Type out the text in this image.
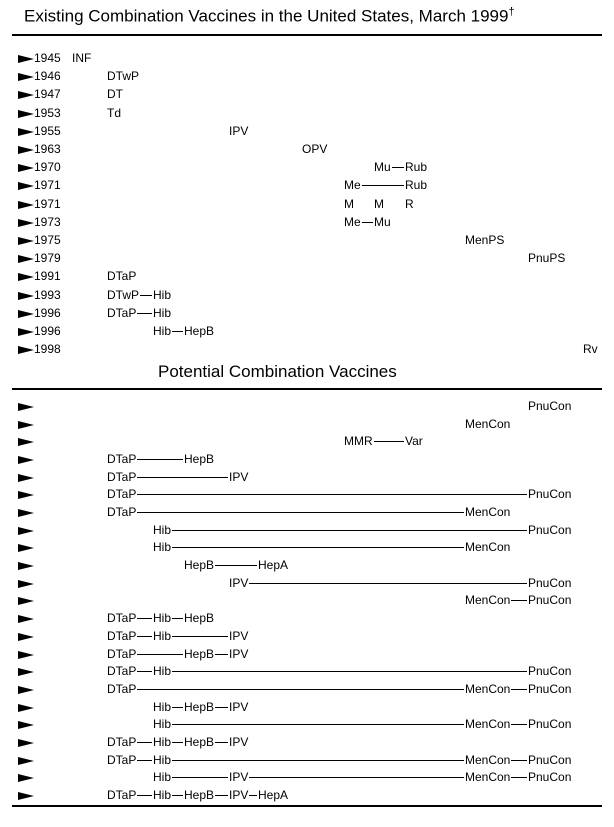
Existing Combination Vaccines in the United States, March 1999†
1945 INF
1946	DTwP
1947	DT
1953	Td
1955	IPV
1963	OPV
1970	Mu Rub
1971	Me	Rub
1971	M M R
1973	Me Mu
1975	MenPS
1979	PnuPS
1991	DTaP
1993	DTwP Hib
1996	DTaP Hib
1996	Hib HepB
1998	Rv
Potential Combination Vaccines
PnuCon
MenCon
MMR	Var
DTaP	HepB
DTaP	IPV
DTaP	PnuCon
DTaP	MenCon
Hib	PnuCon
Hib	MenCon
HepB	HepA
IPV	PnuCon
MenCon PnuCon
DTaP Hib HepB
DTaP Hib	IPV
DTaP	HepB IPV
DTaP Hib	PnuCon
DTaP	MenCon PnuCon
Hib HepB IPV
Hib	MenCon PnuCon
DTaP Hib HepB IPV
DTaP Hib	MenCon PnuCon
Hib	IPV	MenCon PnuCon
DTaP Hib HepB IPV HepA
